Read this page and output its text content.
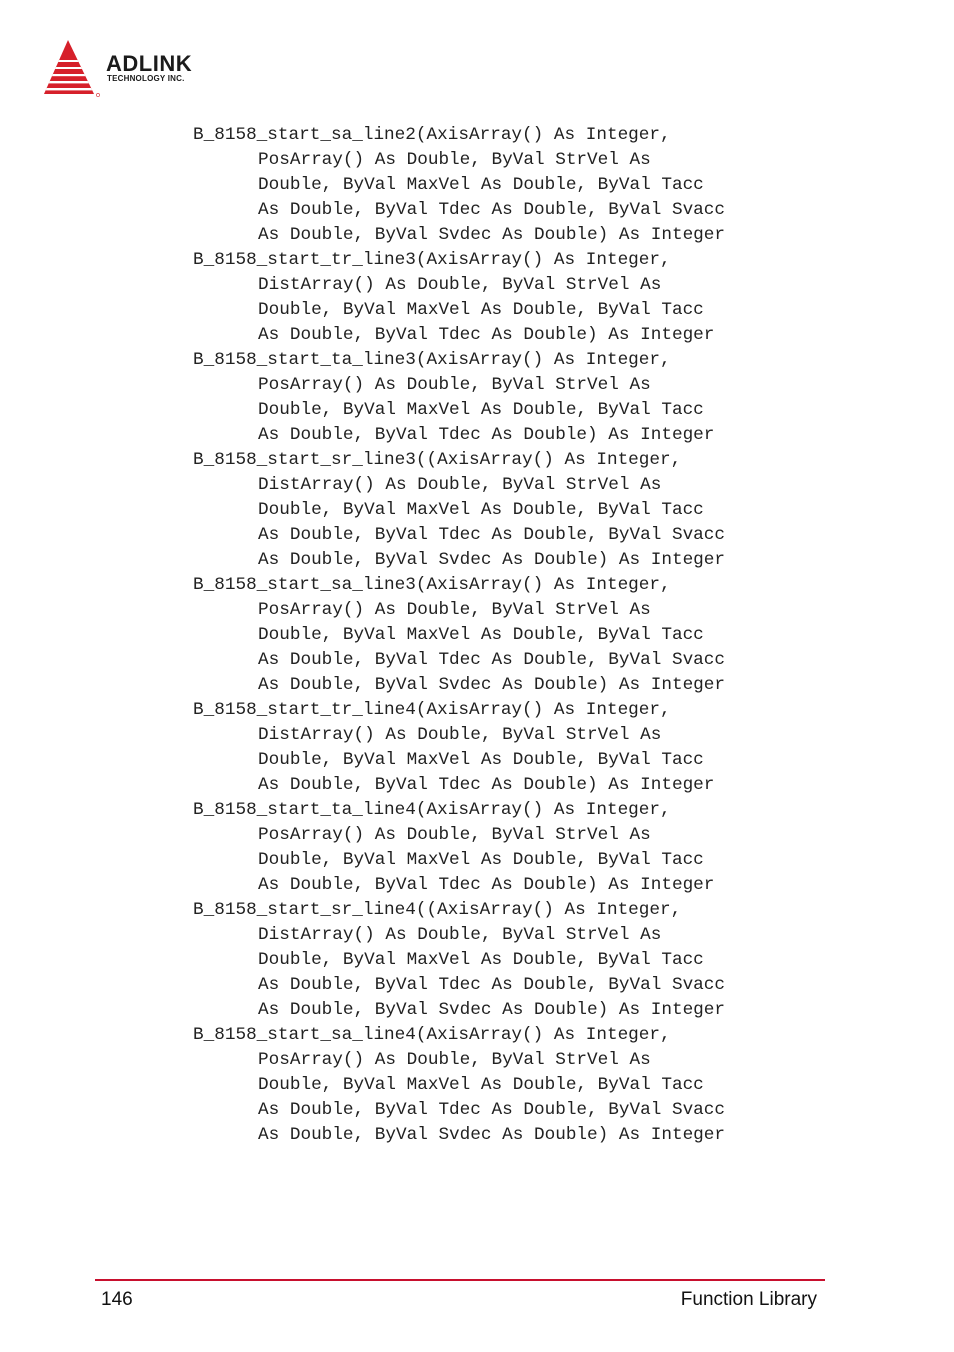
ADLINK
TECHNOLOGY INC.
B_8158_start_sa_line2(AxisArray() As Integer,
PosArray() As Double, ByVal StrVel As
Double, ByVal MaxVel As Double, ByVal Tacc
As Double, ByVal Tdec As Double, ByVal Svacc
As Double, ByVal Svdec As Double) As Integer
B_8158_start_tr_line3(AxisArray() As Integer,
DistArray() As Double, ByVal StrVel As
Double, ByVal MaxVel As Double, ByVal Tacc
As Double, ByVal Tdec As Double) As Integer
B_8158_start_ta_line3(AxisArray() As Integer,
PosArray() As Double, ByVal StrVel As
Double, ByVal MaxVel As Double, ByVal Tacc
As Double, ByVal Tdec As Double) As Integer
B_8158_start_sr_line3((AxisArray() As Integer,
DistArray() As Double, ByVal StrVel As
Double, ByVal MaxVel As Double, ByVal Tacc
As Double, ByVal Tdec As Double, ByVal Svacc
As Double, ByVal Svdec As Double) As Integer
B_8158_start_sa_line3(AxisArray() As Integer,
PosArray() As Double, ByVal StrVel As
Double, ByVal MaxVel As Double, ByVal Tacc
As Double, ByVal Tdec As Double, ByVal Svacc
As Double, ByVal Svdec As Double) As Integer
B_8158_start_tr_line4(AxisArray() As Integer,
DistArray() As Double, ByVal StrVel As
Double, ByVal MaxVel As Double, ByVal Tacc
As Double, ByVal Tdec As Double) As Integer
B_8158_start_ta_line4(AxisArray() As Integer,
PosArray() As Double, ByVal StrVel As
Double, ByVal MaxVel As Double, ByVal Tacc
As Double, ByVal Tdec As Double) As Integer
B_8158_start_sr_line4((AxisArray() As Integer,
DistArray() As Double, ByVal StrVel As
Double, ByVal MaxVel As Double, ByVal Tacc
As Double, ByVal Tdec As Double, ByVal Svacc
As Double, ByVal Svdec As Double) As Integer
B_8158_start_sa_line4(AxisArray() As Integer,
PosArray() As Double, ByVal StrVel As
Double, ByVal MaxVel As Double, ByVal Tacc
As Double, ByVal Tdec As Double, ByVal Svacc
As Double, ByVal Svdec As Double) As Integer
146	Function Library
